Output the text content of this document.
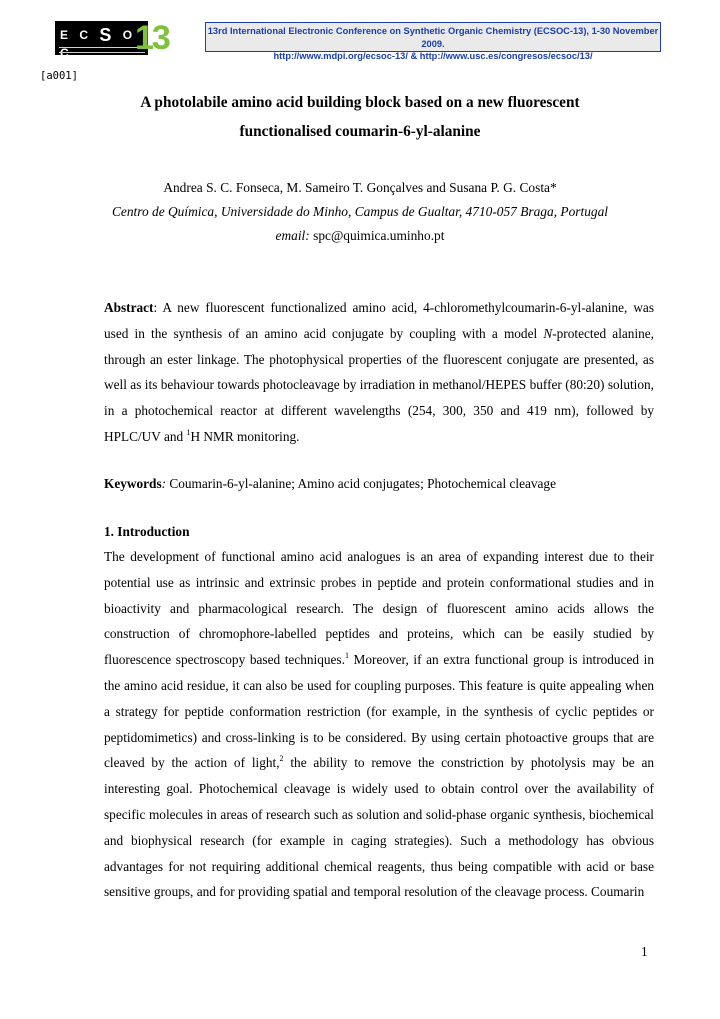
E C S O C	13	13rd International Electronic Conference on Synthetic Organic Chemistry (ECSOC-13), 1-30 November 2009.
http://www.mdpi.org/ecsoc-13/ & http://www.usc.es/congresos/ecsoc/13/
[a001]
A photolabile amino acid building block based on a new fluorescent
functionalised coumarin-6-yl-alanine
Andrea S. C. Fonseca, M. Sameiro T. Gonçalves and Susana P. G. Costa*
Centro de Química, Universidade do Minho, Campus de Gualtar, 4710-057 Braga, Portugal
email: spc@quimica.uminho.pt

Abstract: A new fluorescent functionalized amino acid, 4-chloromethylcoumarin-6-yl-alanine, was used in the synthesis of an amino acid conjugate by coupling with a model N-protected alanine, through an ester linkage. The photophysical properties of the fluorescent conjugate are presented, as well as its behaviour towards photocleavage by irradiation in methanol/HEPES buffer (80:20) solution, in a photochemical reactor at different wavelengths (254, 300, 350 and 419 nm), followed by HPLC/UV and $^1$H NMR monitoring.

Keywords: Coumarin-6-yl-alanine; Amino acid conjugates; Photochemical cleavage

1. Introduction

The development of functional amino acid analogues is an area of expanding interest due to their potential use as intrinsic and extrinsic probes in peptide and protein conformational studies and in bioactivity and pharmacological research. The design of fluorescent amino acids allows the construction of chromophore-labelled peptides and proteins, which can be easily studied by fluorescence spectroscopy based techniques.$^1$ Moreover, if an extra functional group is introduced in the amino acid residue, it can also be used for coupling purposes. This feature is quite appealing when a strategy for peptide conformation restriction (for example, in the synthesis of cyclic peptides or peptidomimetics) and cross-linking is to be considered. By using certain photoactive groups that are cleaved by the action of light,$^2$ the ability to remove the constriction by photolysis may be an interesting goal. Photochemical cleavage is widely used to obtain control over the availability of specific molecules in areas of research such as solution and solid-phase organic synthesis, biochemical and biophysical research (for example in caging strategies). Such a methodology has obvious advantages for not requiring additional chemical reagents, thus being compatible with acid or base sensitive groups, and for providing spatial and temporal resolution of the cleavage process. Coumarin

1
